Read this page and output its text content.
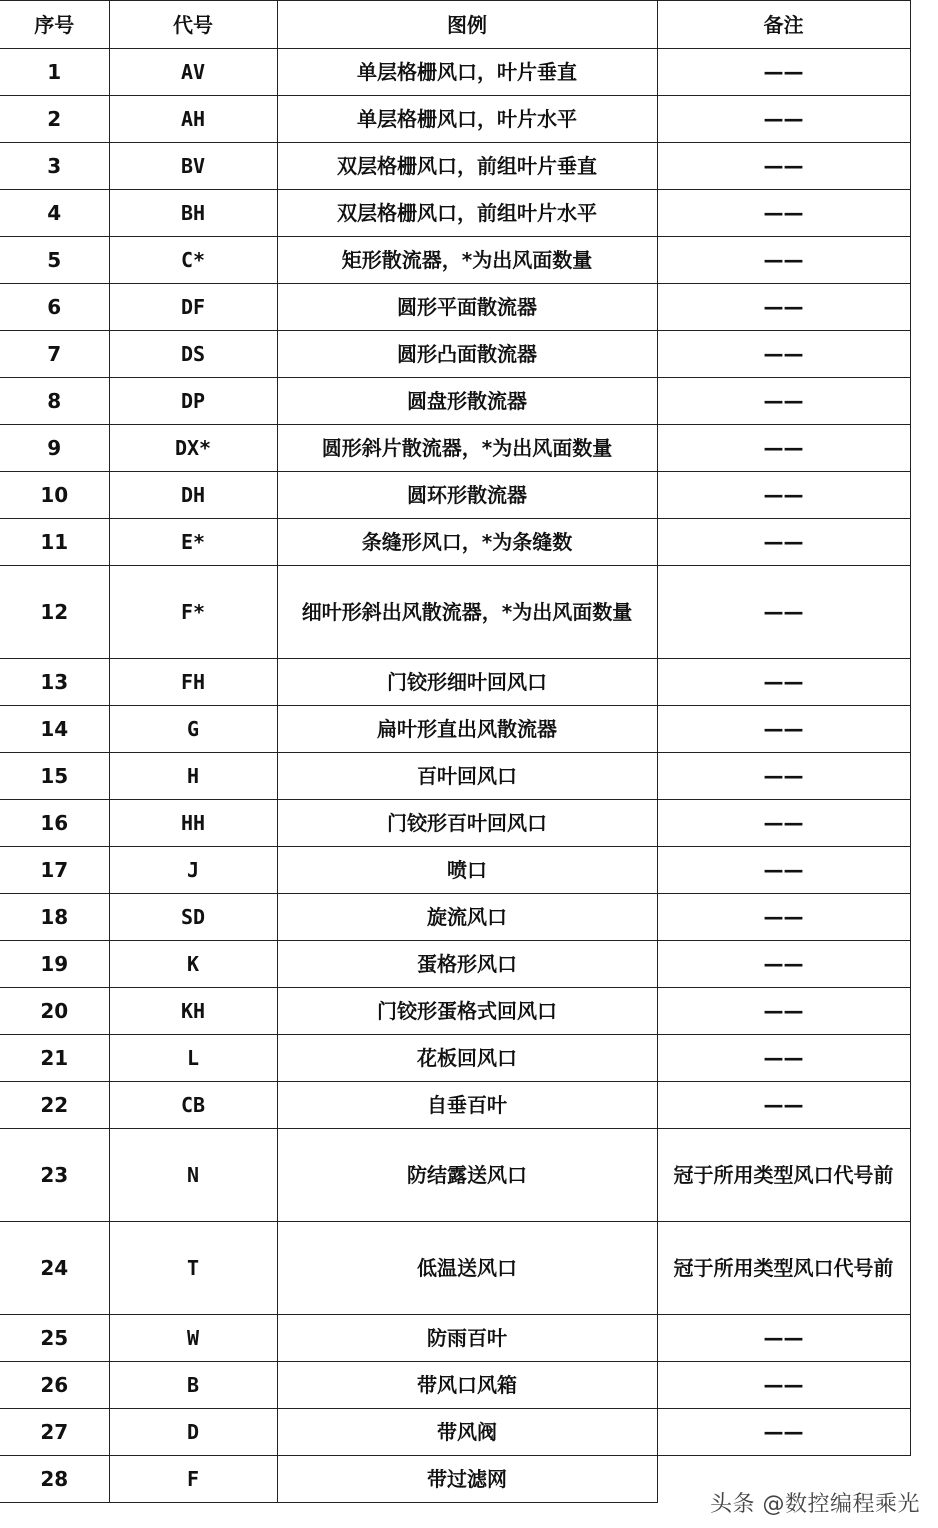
序号	代号	图例	备注
1	AV	单层格栅风口，叶片垂直	——
2	AH	单层格栅风口，叶片水平	——
3	BV	双层格栅风口，前组叶片垂直	——
4	BH	双层格栅风口，前组叶片水平	——
5	C*	矩形散流器，*为出风面数量	——
6	DF	圆形平面散流器	——
7	DS	圆形凸面散流器	——
8	DP	圆盘形散流器	——
9	DX*	圆形斜片散流器，*为出风面数量	——
10	DH	圆环形散流器	——
11	E*	条缝形风口，*为条缝数	——
12	F*	细叶形斜出风散流器，*为出风面数量	——
13	FH	门铰形细叶回风口	——
14	G	扁叶形直出风散流器	——
15	H	百叶回风口	——
16	HH	门铰形百叶回风口	——
17	J	喷口	——
18	SD	旋流风口	——
19	K	蛋格形风口	——
20	KH	门铰形蛋格式回风口	——
21	L	花板回风口	——
22	CB	自垂百叶	——
23	N	防结露送风口	冠于所用类型风口代号前
24	T	低温送风口	冠于所用类型风口代号前
25	W	防雨百叶	——
26	B	带风口风箱	——
27	D	带风阀	——
28	F	带过滤网	
头条 @数控编程乘光
